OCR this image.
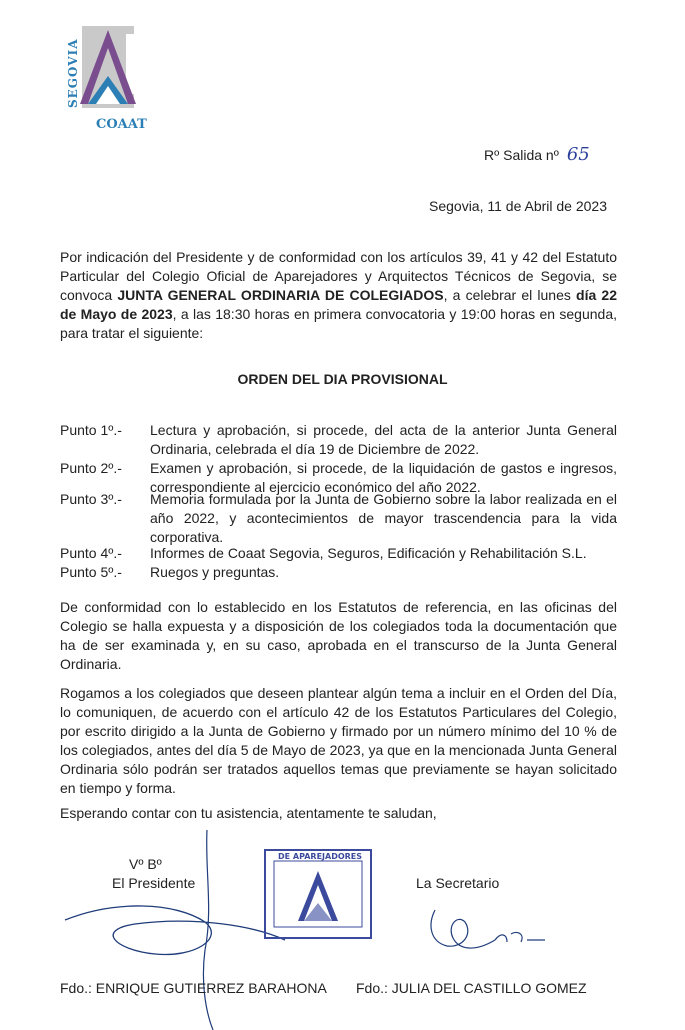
SEGOVIA
COAAT
Rº Salida nº 65
Segovia, 11 de Abril de 2023
Por indicación del Presidente y de conformidad con los artículos 39, 41 y 42 del Estatuto Particular del Colegio Oficial de Aparejadores y Arquitectos Técnicos de Segovia, se convoca JUNTA GENERAL ORDINARIA DE COLEGIADOS, a celebrar el lunes día 22 de Mayo de 2023, a las 18:30 horas en primera convocatoria y 19:00 horas en segunda, para tratar el siguiente:
ORDEN DEL DIA PROVISIONAL
Punto 1º.- Lectura y aprobación, si procede, del acta de la anterior Junta General Ordinaria, celebrada el día 19 de Diciembre de 2022.
Punto 2º.- Examen y aprobación, si procede, de la liquidación de gastos e ingresos, correspondiente al ejercicio económico del año 2022.
Punto 3º.- Memoria formulada por la Junta de Gobierno sobre la labor realizada en el año 2022, y acontecimientos de mayor trascendencia para la vida corporativa.
Punto 4º.- Informes de Coaat Segovia, Seguros, Edificación y Rehabilitación S.L.
Punto 5º.- Ruegos y preguntas.
De conformidad con lo establecido en los Estatutos de referencia, en las oficinas del Colegio se halla expuesta y a disposición de los colegiados toda la documentación que ha de ser examinada y, en su caso, aprobada en el transcurso de la Junta General Ordinaria.
Rogamos a los colegiados que deseen plantear algún tema a incluir en el Orden del Día, lo comuniquen, de acuerdo con el artículo 42 de los Estatutos Particulares del Colegio, por escrito dirigido a la Junta de Gobierno y firmado por un número mínimo del 10 % de los colegiados, antes del día 5 de Mayo de 2023, ya que en la mencionada Junta General Ordinaria sólo podrán ser tratados aquellos temas que previamente se hayan solicitado en tiempo y forma.
Esperando contar con tu asistencia, atentamente te saludan,
DE APAREJADORES
Vº Bº
El Presidente	La Secretario
Fdo.: ENRIQUE GUTIERREZ BARAHONA Fdo.: JULIA DEL CASTILLO GOMEZ
